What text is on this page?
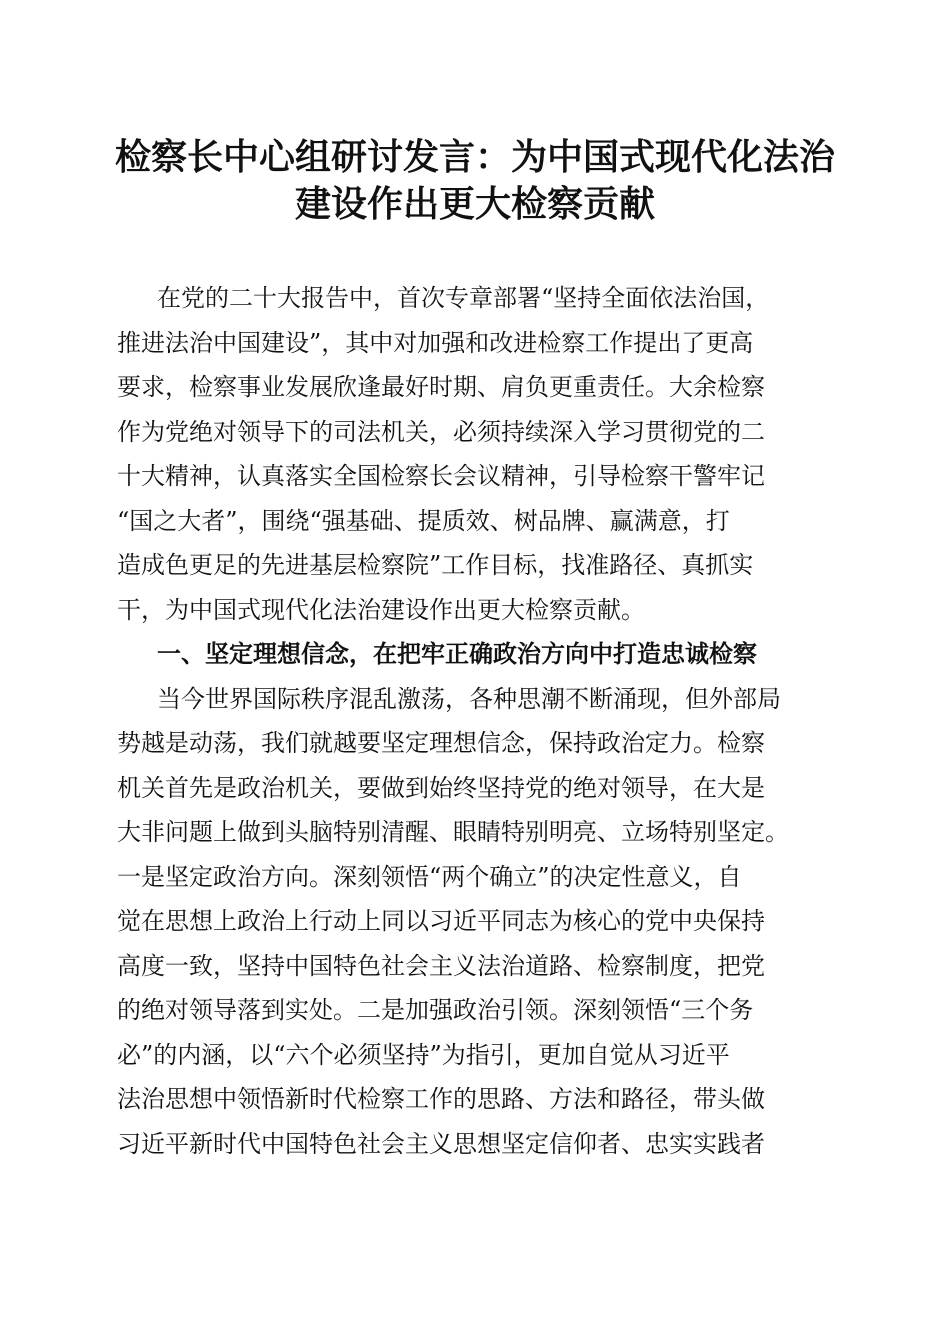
检察长中心组研讨发言：为中国式现代化法治
建设作出更大检察贡献
在党的二十大报告中，首次专章部署“坚持全面依法治国，
推进法治中国建设”，其中对加强和改进检察工作提出了更高
要求，检察事业发展欣逢最好时期、肩负更重责任。大余检察
作为党绝对领导下的司法机关，必须持续深入学习贯彻党的二
十大精神，认真落实全国检察长会议精神，引导检察干警牢记
“国之大者”，围绕“强基础、提质效、树品牌、赢满意，打
造成色更足的先进基层检察院”工作目标，找准路径、真抓实
干，为中国式现代化法治建设作出更大检察贡献。
一、坚定理想信念，在把牢正确政治方向中打造忠诚检察
当今世界国际秩序混乱激荡，各种思潮不断涌现，但外部局
势越是动荡，我们就越要坚定理想信念，保持政治定力。检察
机关首先是政治机关，要做到始终坚持党的绝对领导，在大是
大非问题上做到头脑特别清醒、眼睛特别明亮、立场特别坚定。
一是坚定政治方向。深刻领悟“两个确立”的决定性意义，自
觉在思想上政治上行动上同以习近平同志为核心的党中央保持
高度一致，坚持中国特色社会主义法治道路、检察制度，把党
的绝对领导落到实处。二是加强政治引领。深刻领悟“三个务
必”的内涵，以“六个必须坚持”为指引，更加自觉从习近平
法治思想中领悟新时代检察工作的思路、方法和路径，带头做
习近平新时代中国特色社会主义思想坚定信仰者、忠实实践者
